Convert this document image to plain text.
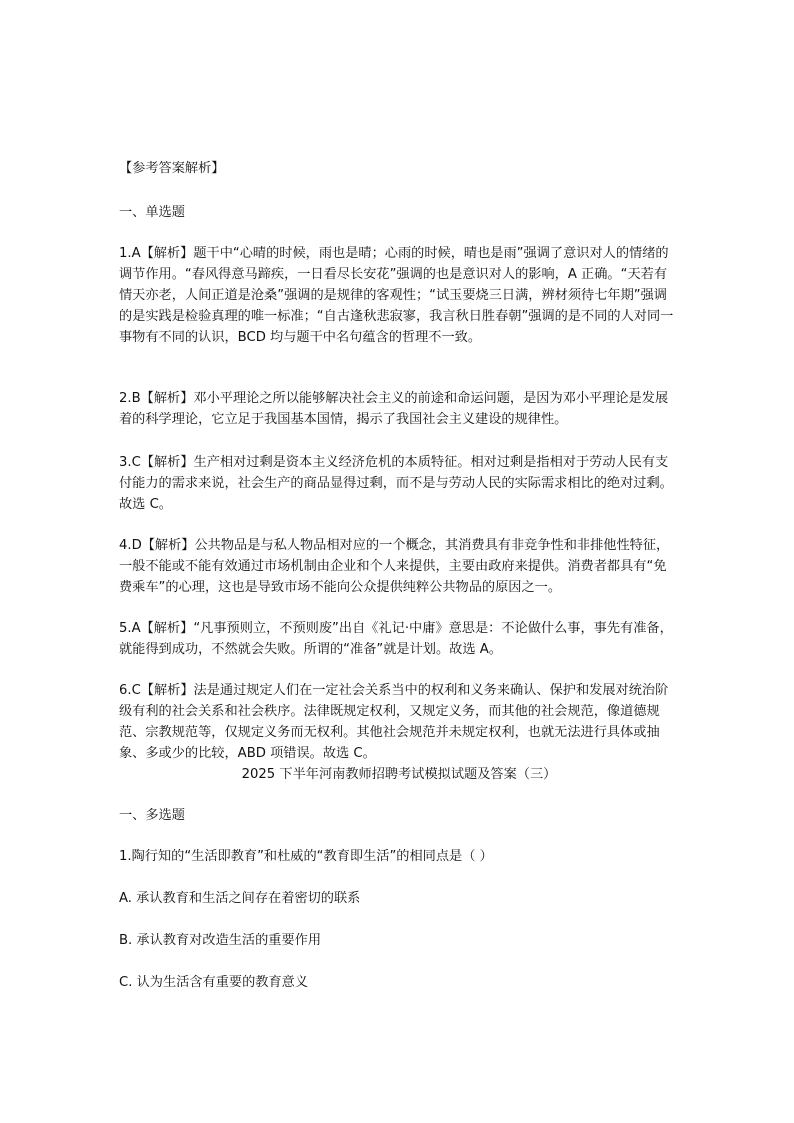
【参考答案解析】
一、单选题
1.A【解析】题干中“心晴的时候，雨也是晴；心雨的时候，晴也是雨”强调了意识对人的情绪的调节作用。“春风得意马蹄疾，一日看尽长安花”强调的也是意识对人的影响，A 正确。“天若有情天亦老，人间正道是沧桑”强调的是规律的客观性；“试玉要烧三日满，辨材须待七年期”强调的是实践是检验真理的唯一标准；“自古逢秋悲寂寥，我言秋日胜春朝”强调的是不同的人对同一事物有不同的认识，BCD 均与题干中名句蕴含的哲理不一致。
2.B【解析】邓小平理论之所以能够解决社会主义的前途和命运问题，是因为邓小平理论是发展着的科学理论，它立足于我国基本国情，揭示了我国社会主义建设的规律性。
3.C【解析】生产相对过剩是资本主义经济危机的本质特征。相对过剩是指相对于劳动人民有支付能力的需求来说，社会生产的商品显得过剩，而不是与劳动人民的实际需求相比的绝对过剩。故选 C。
4.D【解析】公共物品是与私人物品相对应的一个概念，其消费具有非竞争性和非排他性特征，一般不能或不能有效通过市场机制由企业和个人来提供，主要由政府来提供。消费者都具有“免费乘车”的心理，这也是导致市场不能向公众提供纯粹公共物品的原因之一。
5.A【解析】“凡事预则立，不预则废”出自《礼记·中庸》意思是：不论做什么事，事先有准备，就能得到成功，不然就会失败。所谓的“准备”就是计划。故选 A。
6.C【解析】法是通过规定人们在一定社会关系当中的权利和义务来确认、保护和发展对统治阶级有利的社会关系和社会秩序。法律既规定权利，又规定义务，而其他的社会规范，像道德规范、宗教规范等，仅规定义务而无权利。其他社会规范并未规定权利，也就无法进行具体或抽象、多或少的比较，ABD 项错误。故选 C。
2025 下半年河南教师招聘考试模拟试题及答案（三）
一、多选题
1.陶行知的“生活即教育”和杜威的“教育即生活”的相同点是（ ）
A. 承认教育和生活之间存在着密切的联系
B. 承认教育对改造生活的重要作用
C. 认为生活含有重要的教育意义
